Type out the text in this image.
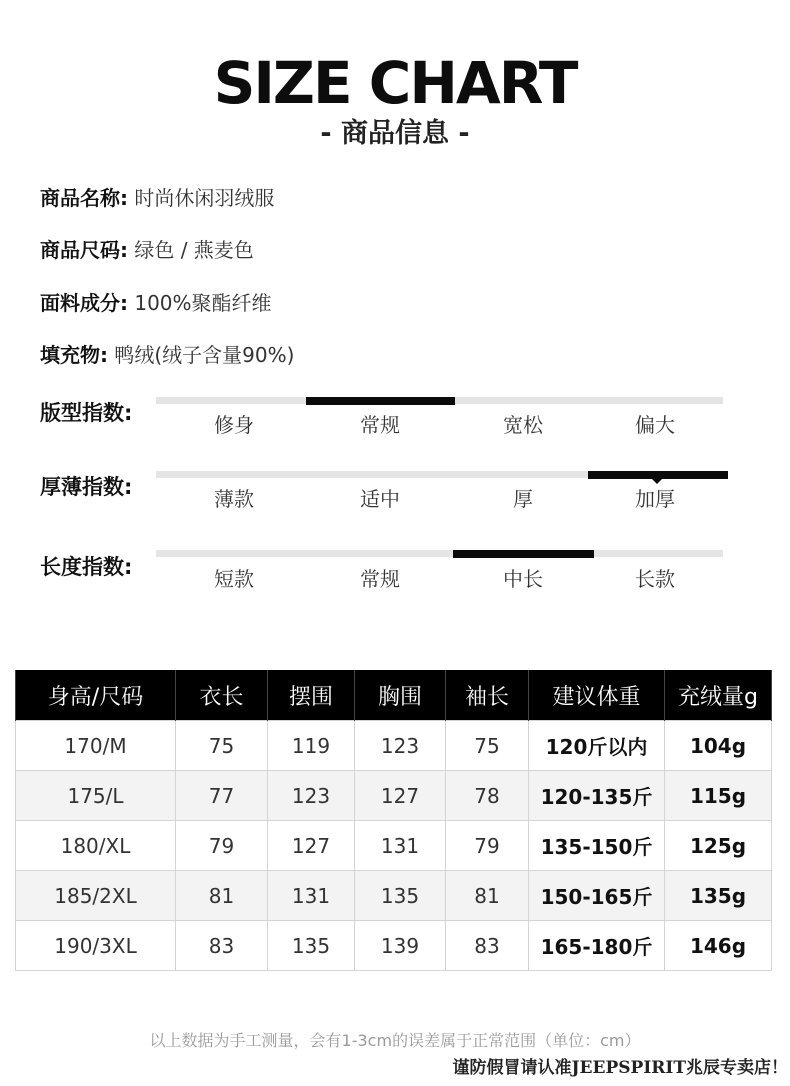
SIZE CHART
- 商品信息 -
商品名称: 时尚休闲羽绒服
商品尺码: 绿色 / 燕麦色
面料成分: 100%聚酯纤维
填充物: 鸭绒(绒子含量90%)
版型指数:	修身	常规	宽松	偏大
厚薄指数:	薄款	适中	厚	加厚
长度指数:	短款	常规	中长	长款
身高/尺码	衣长	摆围	胸围	袖长	建议体重	充绒量g
170/M	75	119	123	75	120斤以内	104g
175/L	77	123	127	78	120-135斤	115g
180/XL	79	127	131	79	135-150斤	125g
185/2XL	81	131	135	81	150-165斤	135g
190/3XL	83	135	139	83	165-180斤	146g
以上数据为手工测量，会有1-3cm的误差属于正常范围（单位：cm）
谨防假冒请认准JEEPSPIRIT兆辰专卖店！
